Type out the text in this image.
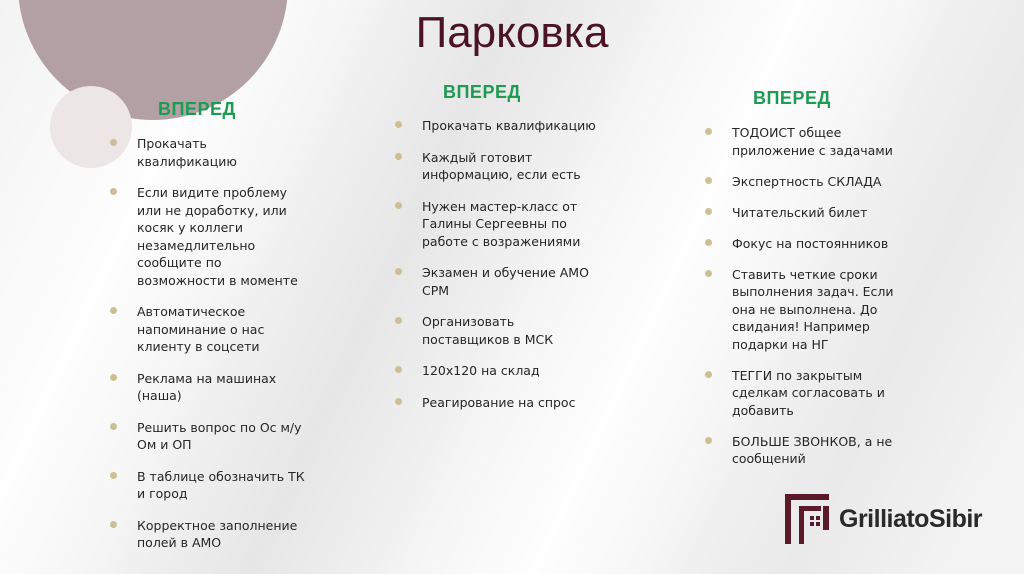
Парковка
ВПЕРЕД
ВПЕРЕД	ВПЕРЕД
Прокачать квалификацию
Если видите проблему или не доработку, или косяк у коллеги незамедлительно сообщите по возможности в моменте
Автоматическое напоминание о нас клиенту в соцсети
Реклама на машинах (наша)
Решить вопрос по Ос м/у Ом и ОП
В таблице обозначить ТК и город
Корректное заполнение полей в АМО
Прокачать квалификацию
Каждый готовит информацию, если есть
Нужен мастер-класс от Галины Сергеевны по работе с возражениями
Экзамен и обучение АМО CPM
Организовать поставщиков в МСК
120х120 на склад
Реагирование на спрос
ТОДОИСТ общее приложение с задачами
Экспертность СКЛАДА
Читательский билет
Фокус на постоянников
Ставить четкие сроки выполнения задач. Если она не выполнена. До свидания! Например подарки на НГ
ТЕГГИ по закрытым сделкам согласовать и добавить
БОЛЬШЕ ЗВОНКОВ, а не сообщений
GrilliatoSibir
